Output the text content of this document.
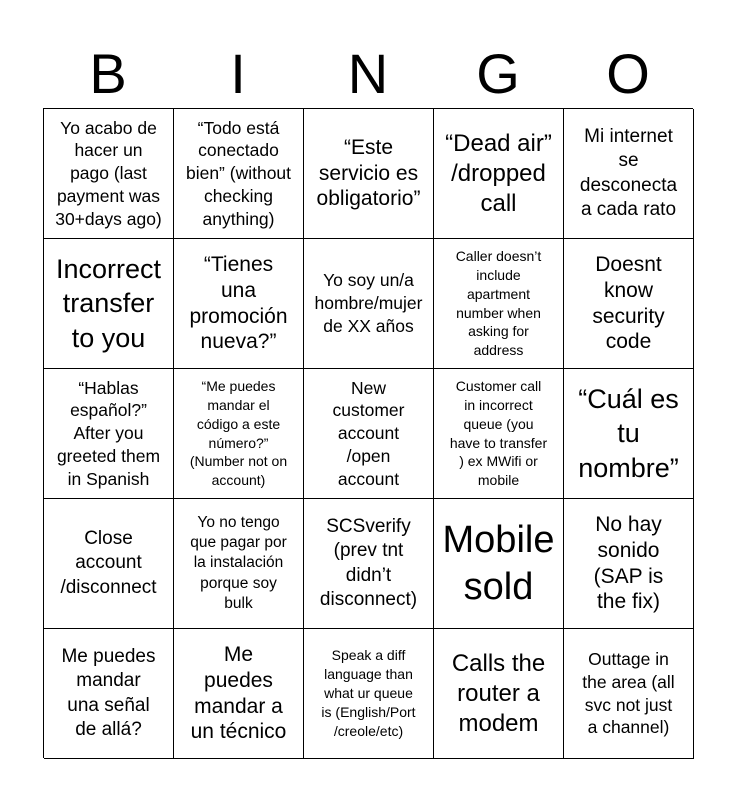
B	I	N	G	O
Yo acabo de
hacer un
pago (last
payment was
30+days ago)
“Todo está
conectado
bien” (without
checking
anything)
“Este
servicio es
obligatorio”
“Dead air”
/dropped
call
Mi internet
se
desconecta
a cada rato
Incorrect
transfer
to you
“Tienes
una
promoción
nueva?”
Yo soy un/a
hombre/mujer
de XX años
Caller doesn’t
include
apartment
number when
asking for
address
Doesnt
know
security
code
“Hablas
español?”
After you
greeted them
in Spanish
“Me puedes
mandar el
código a este
número?”
(Number not on
account)
New
customer
account
/open
account
Customer call
in incorrect
queue (you
have to transfer
) ex MWifi or
mobile
“Cuál es
tu
nombre”
Close
account
/disconnect
Yo no tengo
que pagar por
la instalación
porque soy
bulk
SCSverify
(prev tnt
didn’t
disconnect)
Mobile
sold
No hay
sonido
(SAP is
the fix)
Me puedes
mandar
una señal
de allá?
Me
puedes
mandar a
un técnico
Speak a diff
language than
what ur queue
is (English/Port
/creole/etc)
Calls the
router a
modem
Outtage in
the area (all
svc not just
a channel)
